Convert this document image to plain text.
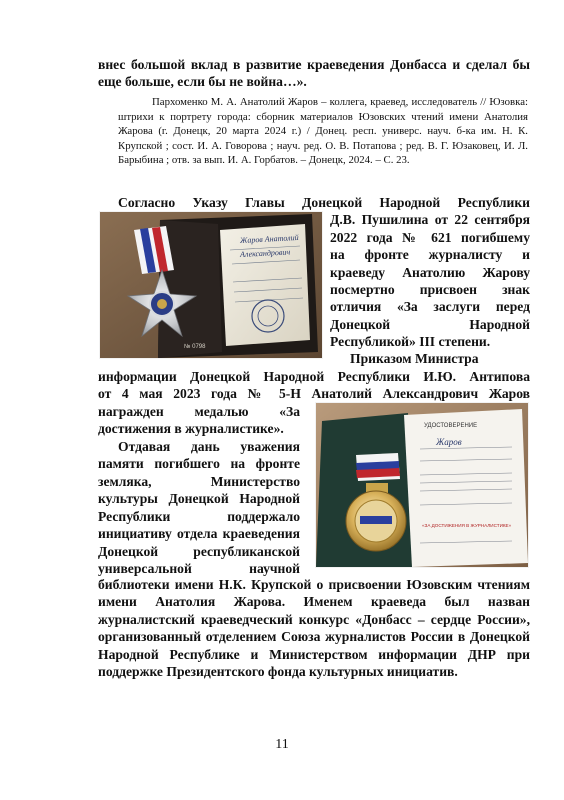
внес большой вклад в развитие краеведения Донбасса и сделал бы
еще больше, если бы не война…».
Пархоменко М. А. Анатолий Жаров – коллега, краевед, исследователь // Юзовка: штрихи к портрету города: сборник материалов Юзовских чтений имени Анатолия Жарова (г. Донецк, 20 марта 2024 г.) / Донец. респ. универс. науч. б-ка им. Н. К. Крупской ; сост. И. А. Говорова ; науч. ред. О. В. Потапова ; ред. В. Г. Юзаковец, И. Л. Барыбина ; отв. за вып. И. А. Горбатов. – Донецк, 2024. – С. 23.
Согласно Указу Главы Донецкой Народной Республики
Д.В. Пушилина от 22 сентября
2022 года № 621 погибшему
на фронте журналисту и
краеведу Анатолию Жарову
посмертно присвоен знак
отличия «За заслуги перед
Донецкой Народной
Республикой» III степени.
Жаров Анатолий
Александрович
№ 0798
Приказом Министра
информации Донецкой Народной Республики И.Ю. Антипова
от 4 мая 2023 года № 5-Н Анатолий Александрович Жаров
награжден медалью «За
достижения в журналистике».	УДОСТОВЕРЕНИЕ
Жаров
«ЗА ДОСТИЖЕНИЯ В ЖУРНАЛИСТИКЕ»
Отдавая дань уважения
памяти погибшего на фронте
земляка, Министерство
культуры Донецкой Народной
Республики поддержало
инициативу отдела краеведения
Донецкой республиканской
универсальной научной
библиотеки имени Н.К. Крупской о присвоении Юзовским чтениям имени Анатолия Жарова. Именем краеведа был назван журналистский краеведческий конкурс «Донбасс – сердце России», организованный отделением Союза журналистов России в Донецкой Народной Республике и Министерством информации ДНР при поддержке Президентского фонда культурных инициатив.
11
